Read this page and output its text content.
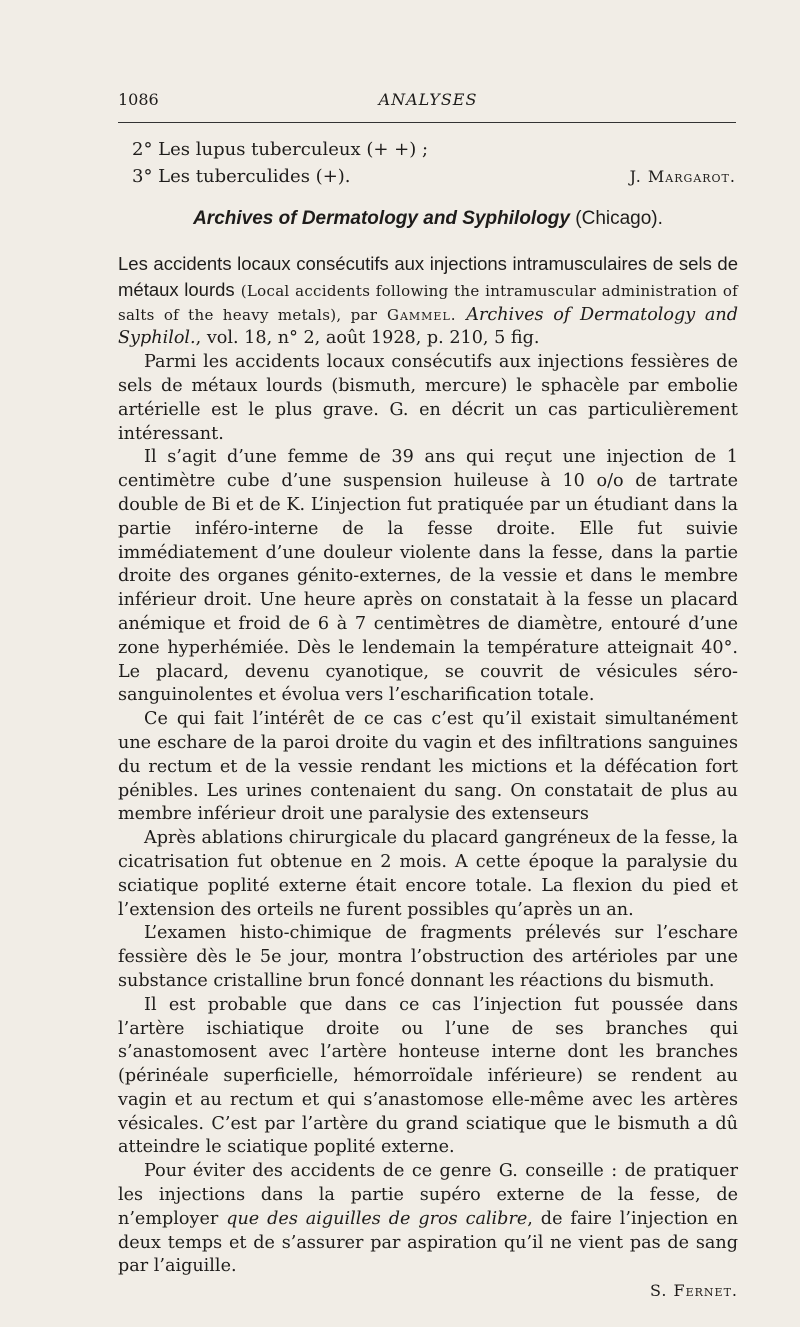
1086	ANALYSES
2° Les lupus tuberculeux (+ +) ;
3° Les tuberculides (+).	J. Margarot.
Archives of Dermatology and Syphilology (Chicago).

Les accidents locaux consécutifs aux injections intramusculaires de sels de métaux lourds (Local accidents following the intramuscular administration of salts of the heavy metals), par Gammel. Archives of Dermatology and Syphilol., vol. 18, n° 2, août 1928, p. 210, 5 fig.

Parmi les accidents locaux consécutifs aux injections fessières de sels de métaux lourds (bismuth, mercure) le sphacèle par embolie artérielle est le plus grave. G. en décrit un cas particulièrement intéressant.

Il s’agit d’une femme de 39 ans qui reçut une injection de 1 centimètre cube d’une suspension huileuse à 10 o/o de tartrate double de Bi et de K. L’injection fut pratiquée par un étudiant dans la partie inféro-interne de la fesse droite. Elle fut suivie immédiatement d’une douleur violente dans la fesse, dans la partie droite des organes génito-externes, de la vessie et dans le membre inférieur droit. Une heure après on constatait à la fesse un placard anémique et froid de 6 à 7 centimètres de diamètre, entouré d’une zone hyperhémiée. Dès le lendemain la température atteignait 40°. Le placard, devenu cyanotique, se couvrit de vésicules séro-sanguinolentes et évolua vers l’escharification totale.

Ce qui fait l’intérêt de ce cas c’est qu’il existait simultanément une eschare de la paroi droite du vagin et des infiltrations sanguines du rectum et de la vessie rendant les mictions et la défécation fort pénibles. Les urines contenaient du sang. On constatait de plus au membre inférieur droit une paralysie des extenseurs

Après ablations chirurgicale du placard gangréneux de la fesse, la cicatrisation fut obtenue en 2 mois. A cette époque la paralysie du sciatique poplité externe était encore totale. La flexion du pied et l’extension des orteils ne furent possibles qu’après un an.

L’examen histo-chimique de fragments prélevés sur l’eschare fessière dès le 5e jour, montra l’obstruction des artérioles par une substance cristalline brun foncé donnant les réactions du bismuth.

Il est probable que dans ce cas l’injection fut poussée dans l’artère ischiatique droite ou l’une de ses branches qui s’anastomosent avec l’artère honteuse interne dont les branches (périnéale superficielle, hémorroïdale inférieure) se rendent au vagin et au rectum et qui s’anastomose elle-même avec les artères vésicales. C’est par l’artère du grand sciatique que le bismuth a dû atteindre le sciatique poplité externe.

Pour éviter des accidents de ce genre G. conseille : de pratiquer les injections dans la partie supéro externe de la fesse, de n’employer que des aiguilles de gros calibre, de faire l’injection en deux temps et de s’assurer par aspiration qu’il ne vient pas de sang par l’aiguille.

S. Fernet.
